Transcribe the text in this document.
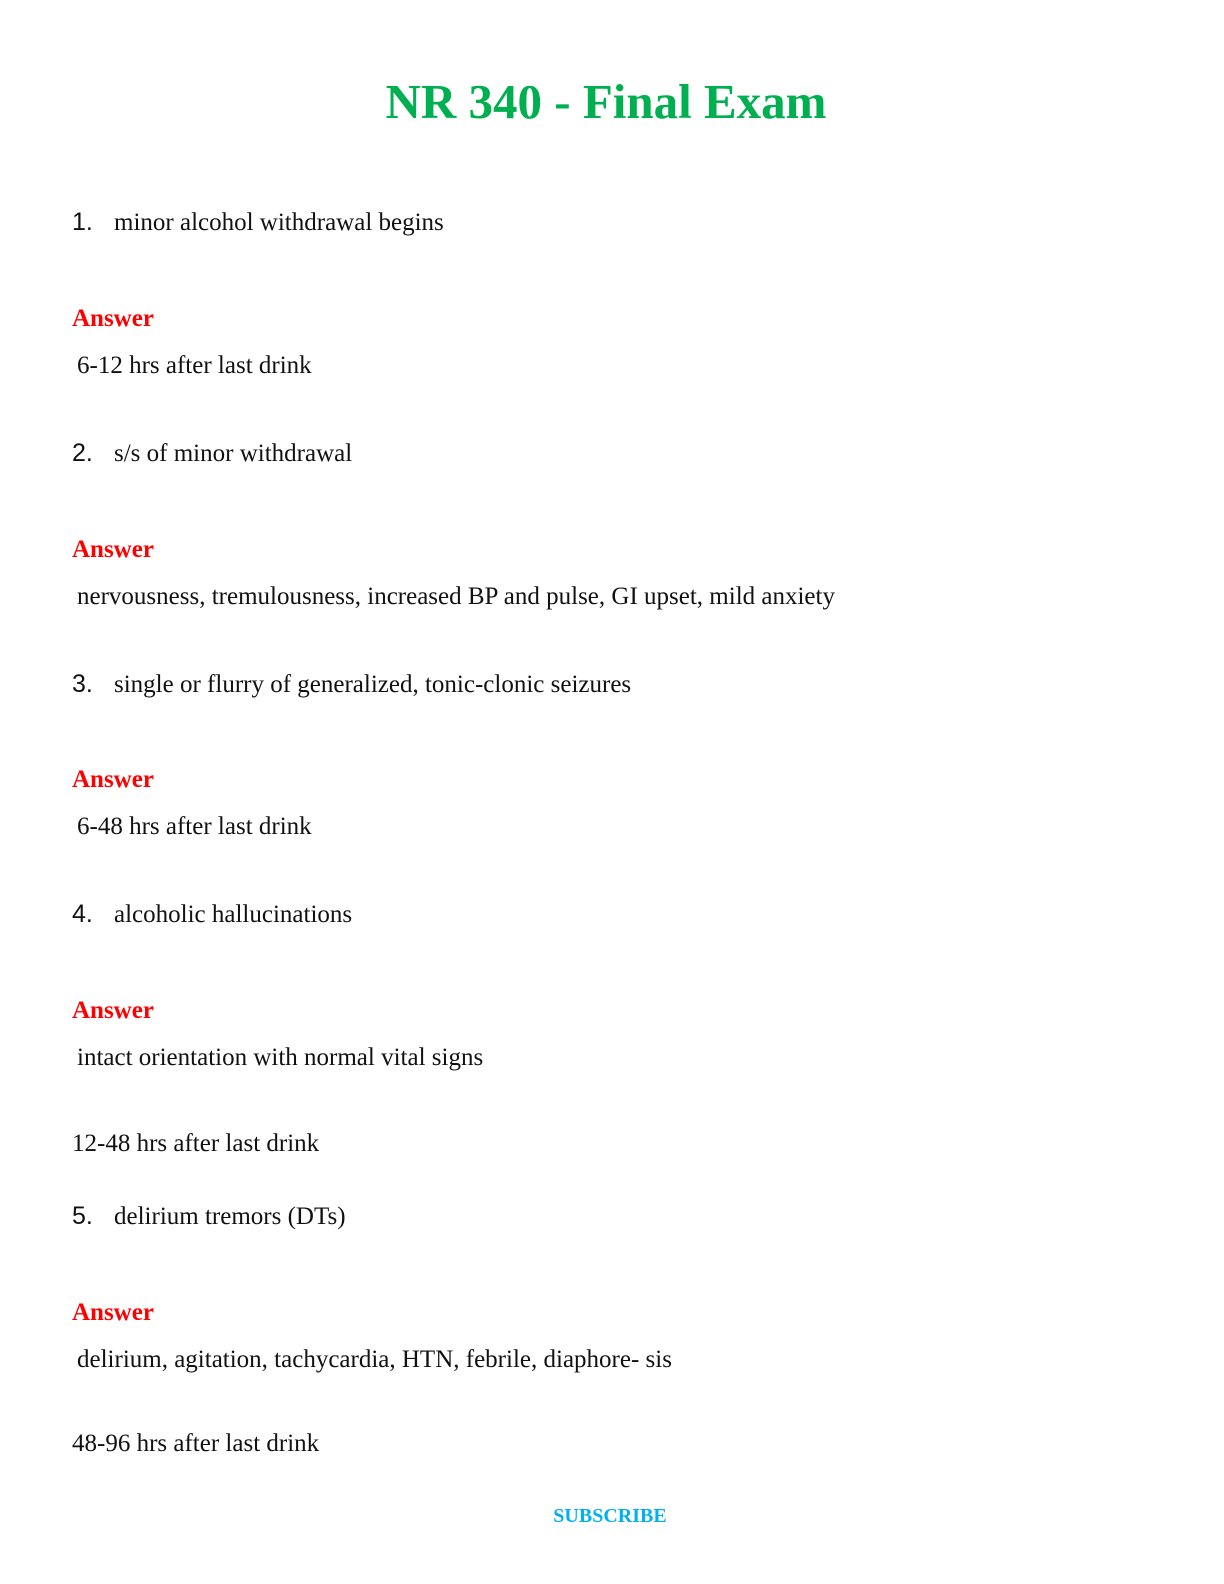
NR 340 - Final Exam
1. minor alcohol withdrawal begins
Answer
6-12 hrs after last drink
2. s/s of minor withdrawal
Answer
nervousness, tremulousness, increased BP and pulse, GI upset, mild anxiety
3. single or flurry of generalized, tonic-clonic seizures
Answer
6-48 hrs after last drink
4. alcoholic hallucinations
Answer
intact orientation with normal vital signs
12-48 hrs after last drink
5. delirium tremors (DTs)
Answer
delirium, agitation, tachycardia, HTN, febrile, diaphore- sis
48-96 hrs after last drink
SUBSCRIBE
